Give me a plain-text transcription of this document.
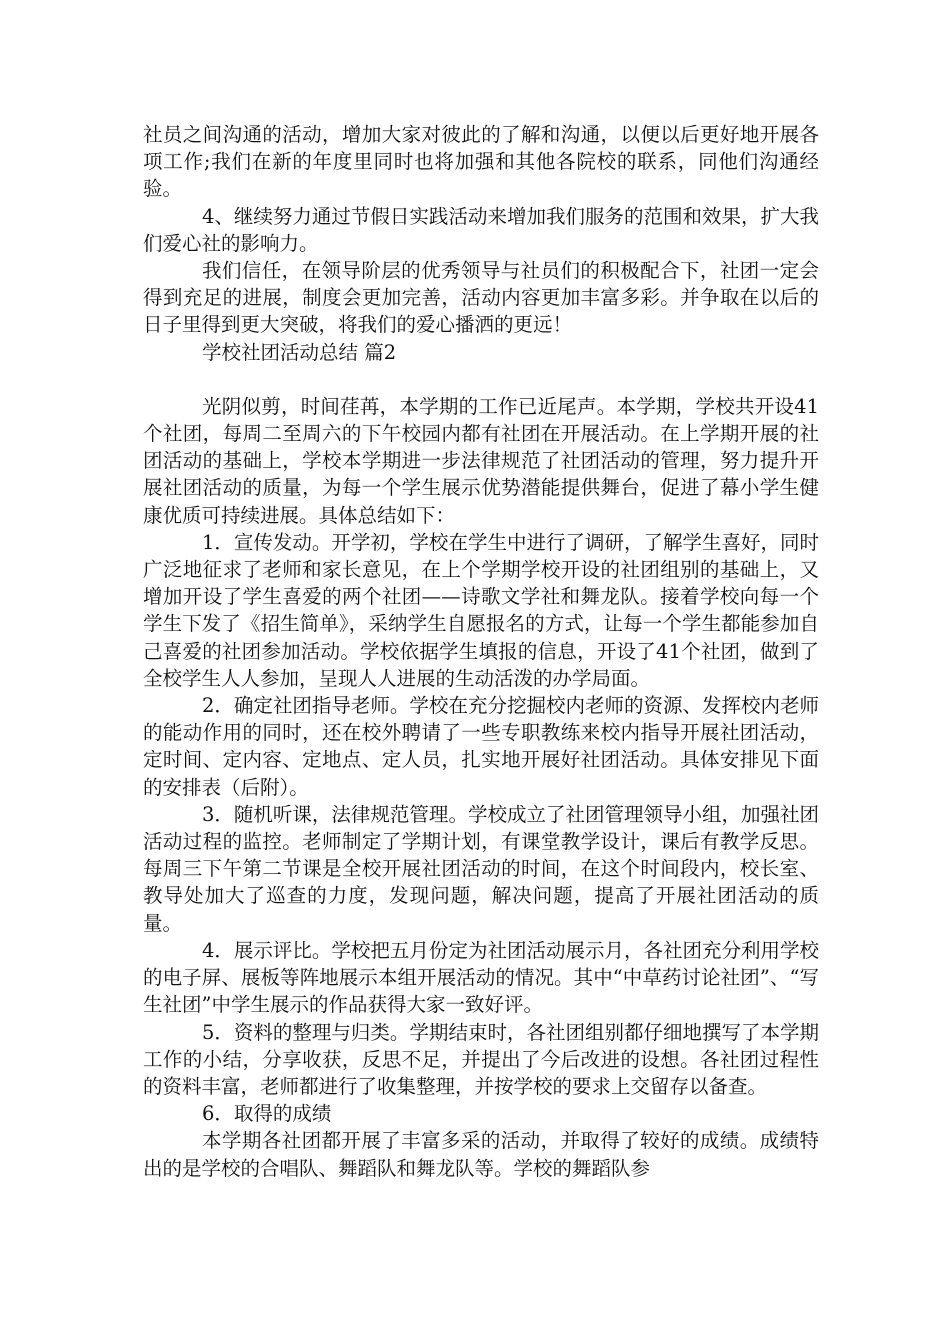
社员之间沟通的活动，增加大家对彼此的了解和沟通，以便以后更好地开展各项工作;我们在新的年度里同时也将加强和其他各院校的联系，同他们沟通经验。

4、继续努力通过节假日实践活动来增加我们服务的范围和效果，扩大我们爱心社的影响力。

我们信任，在领导阶层的优秀领导与社员们的积极配合下，社团一定会得到充足的进展，制度会更加完善，活动内容更加丰富多彩。并争取在以后的日子里得到更大突破，将我们的爱心播洒的更远！

学校社团活动总结 篇2

光阴似剪，时间荏苒，本学期的工作已近尾声。本学期，学校共开设41个社团，每周二至周六的下午校园内都有社团在开展活动。在上学期开展的社团活动的基础上，学校本学期进一步法律规范了社团活动的管理，努力提升开展社团活动的质量，为每一个学生展示优势潜能提供舞台，促进了幕小学生健康优质可持续进展。具体总结如下：

1．宣传发动。开学初，学校在学生中进行了调研，了解学生喜好，同时广泛地征求了老师和家长意见，在上个学期学校开设的社团组别的基础上，又增加开设了学生喜爱的两个社团——诗歌文学社和舞龙队。接着学校向每一个学生下发了《招生简单》，采纳学生自愿报名的方式，让每一个学生都能参加自己喜爱的社团参加活动。学校依据学生填报的信息，开设了41个社团，做到了全校学生人人参加，呈现人人进展的生动活泼的办学局面。

2．确定社团指导老师。学校在充分挖掘校内老师的资源、发挥校内老师的能动作用的同时，还在校外聘请了一些专职教练来校内指导开展社团活动，定时间、定内容、定地点、定人员，扎实地开展好社团活动。具体安排见下面的安排表（后附）。

3．随机听课，法律规范管理。学校成立了社团管理领导小组，加强社团活动过程的监控。老师制定了学期计划，有课堂教学设计，课后有教学反思。每周三下午第二节课是全校开展社团活动的时间，在这个时间段内，校长室、教导处加大了巡查的力度，发现问题，解决问题，提高了开展社团活动的质量。

4．展示评比。学校把五月份定为社团活动展示月，各社团充分利用学校的电子屏、展板等阵地展示本组开展活动的情况。其中“中草药讨论社团”、“写生社团”中学生展示的作品获得大家一致好评。

5．资料的整理与归类。学期结束时，各社团组别都仔细地撰写了本学期工作的小结，分享收获，反思不足，并提出了今后改进的设想。各社团过程性的资料丰富，老师都进行了收集整理，并按学校的要求上交留存以备查。

6．取得的成绩

本学期各社团都开展了丰富多采的活动，并取得了较好的成绩。成绩特出的是学校的合唱队、舞蹈队和舞龙队等。学校的舞蹈队参
